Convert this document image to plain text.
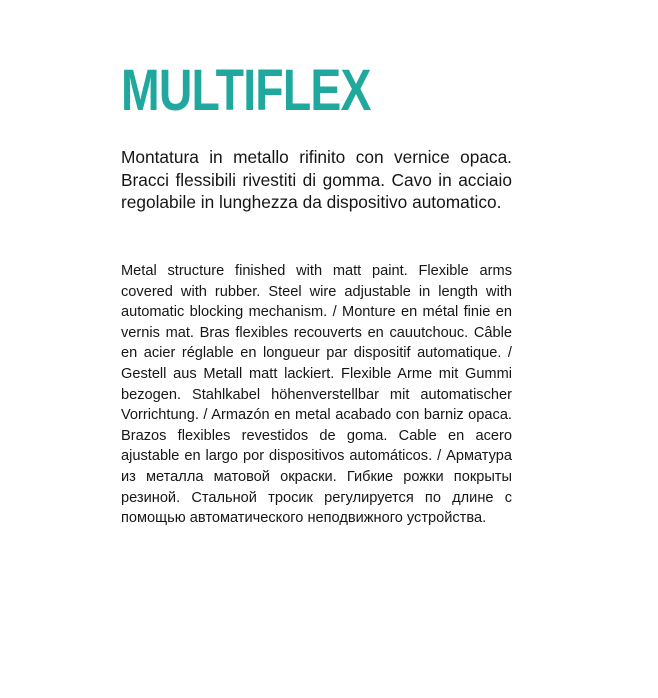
MULTIFLEX

Montatura in metallo rifinito con vernice opaca. Bracci flessibili rivestiti di gomma. Cavo in acciaio regolabile in lunghezza da dispositivo automatico.

Metal structure finished with matt paint. Flexible arms covered with rubber. Steel wire adjustable in length with automatic blocking mechanism. / Monture en métal finie en vernis mat. Bras flexibles recouverts en cauutchouc. Câble en acier réglable en longueur par dispositif automatique. / Gestell aus Metall matt lackiert. Flexible Arme mit Gummi bezogen. Stahlkabel höhenverstellbar mit automatischer Vorrichtung. / Armazón en metal acabado con barniz opaca. Brazos flexibles revestidos de goma. Cable en acero ajustable en largo por dispositivos automáticos. / Арматура из металла матовой окраски. Гибкие рожки покрыты резиной. Стальной тросик регулируется по длине с помощью автоматического неподвижного устройства.
